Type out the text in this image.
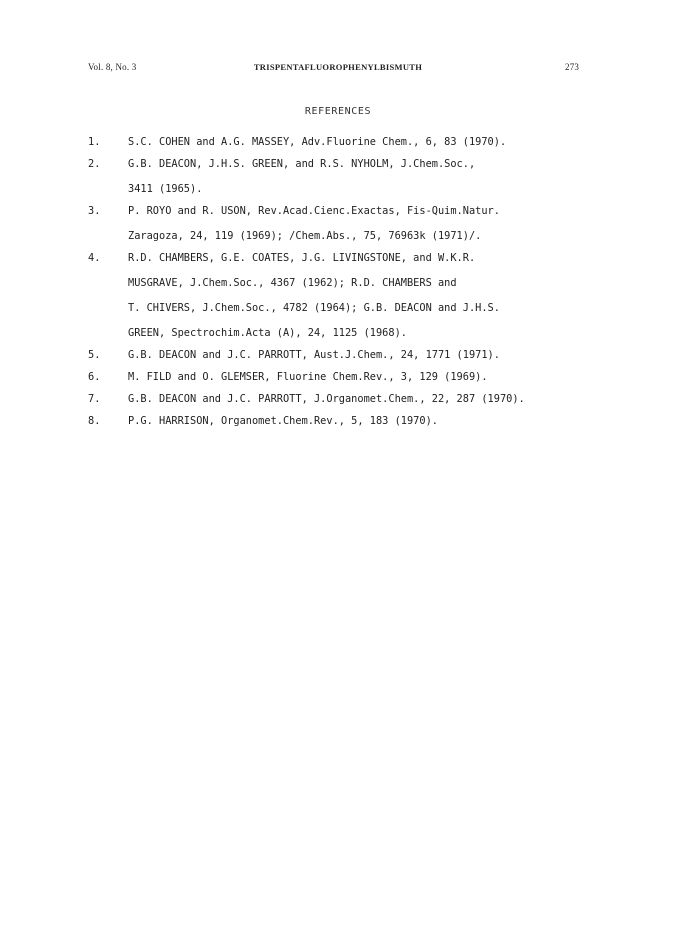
Vol. 8, No. 3	TRISPENTAFLUOROPHENYLBISMUTH	273
REFERENCES
1.	S.C. COHEN and A.G. MASSEY, Adv.Fluorine Chem., 6, 83 (1970).
2.	G.B. DEACON, J.H.S. GREEN, and R.S. NYHOLM, J.Chem.Soc.,
3411 (1965).
3.	P. ROYO and R. USON, Rev.Acad.Cienc.Exactas, Fis-Quim.Natur.
Zaragoza, 24, 119 (1969); /Chem.Abs., 75, 76963k (1971)/.
4.	R.D. CHAMBERS, G.E. COATES, J.G. LIVINGSTONE, and W.K.R.
MUSGRAVE, J.Chem.Soc., 4367 (1962); R.D. CHAMBERS and
T. CHIVERS, J.Chem.Soc., 4782 (1964); G.B. DEACON and J.H.S.
GREEN, Spectrochim.Acta (A), 24, 1125 (1968).
5.	G.B. DEACON and J.C. PARROTT, Aust.J.Chem., 24, 1771 (1971).
6.	M. FILD and O. GLEMSER, Fluorine Chem.Rev., 3, 129 (1969).
7.	G.B. DEACON and J.C. PARROTT, J.Organomet.Chem., 22, 287 (1970).
8.	P.G. HARRISON, Organomet.Chem.Rev., 5, 183 (1970).
